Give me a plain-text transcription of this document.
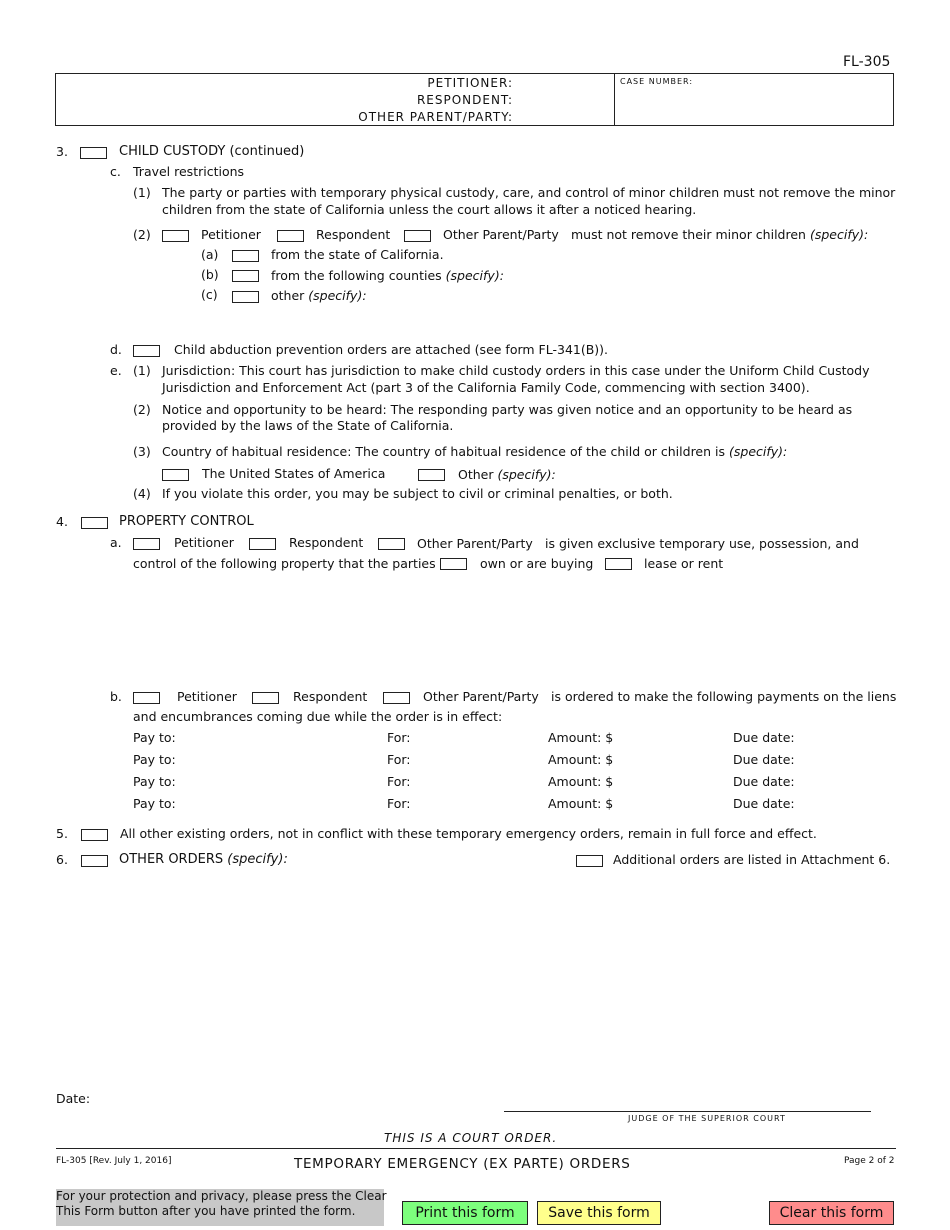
FL-305
PETITIONER:
RESPONDENT:
OTHER PARENT/PARTY:
CASE NUMBER:
3.	CHILD CUSTODY (continued)
c. Travel restrictions
(1) The party or parties with temporary physical custody, care, and control of minor children must not remove the minor
children from the state of California unless the court allows it after a noticed hearing.
(2)	Petitioner	Respondent	Other Parent/Party must not remove their minor children (specify):
(a)	from the state of California.
(b)	from the following counties (specify):
(c)	other (specify):
d.	Child abduction prevention orders are attached (see form FL-341(B)).
e. (1) Jurisdiction: This court has jurisdiction to make child custody orders in this case under the Uniform Child Custody
Jurisdiction and Enforcement Act (part 3 of the California Family Code, commencing with section 3400).
(2) Notice and opportunity to be heard: The responding party was given notice and an opportunity to be heard as
provided by the laws of the State of California.
(3) Country of habitual residence: The country of habitual residence of the child or children is (specify):
The United States of America	Other (specify):
(4) If you violate this order, you may be subject to civil or criminal penalties, or both.
4.	PROPERTY CONTROL
a.	Petitioner	Respondent	Other Parent/Party is given exclusive temporary use, possession, and
control of the following property that the parties	own or are buying	lease or rent
b.	Petitioner	Respondent	Other Parent/Party is ordered to make the following payments on the liens
and encumbrances coming due while the order is in effect:
Pay to:	For:	Amount: $	Due date:
Pay to:	For:	Amount: $	Due date:
Pay to:	For:	Amount: $	Due date:
Pay to:	For:	Amount: $	Due date:
5.	All other existing orders, not in conflict with these temporary emergency orders, remain in full force and effect.
6.	OTHER ORDERS (specify):	Additional orders are listed in Attachment 6.
Date:
JUDGE OF THE SUPERIOR COURT
THIS IS A COURT ORDER.
FL-305 [Rev. July 1, 2016]	TEMPORARY EMERGENCY (EX PARTE) ORDERS	Page 2 of 2
For your protection and privacy, please press the Clear
This Form button after you have printed the form.	Print this form	Save this form	Clear this form
